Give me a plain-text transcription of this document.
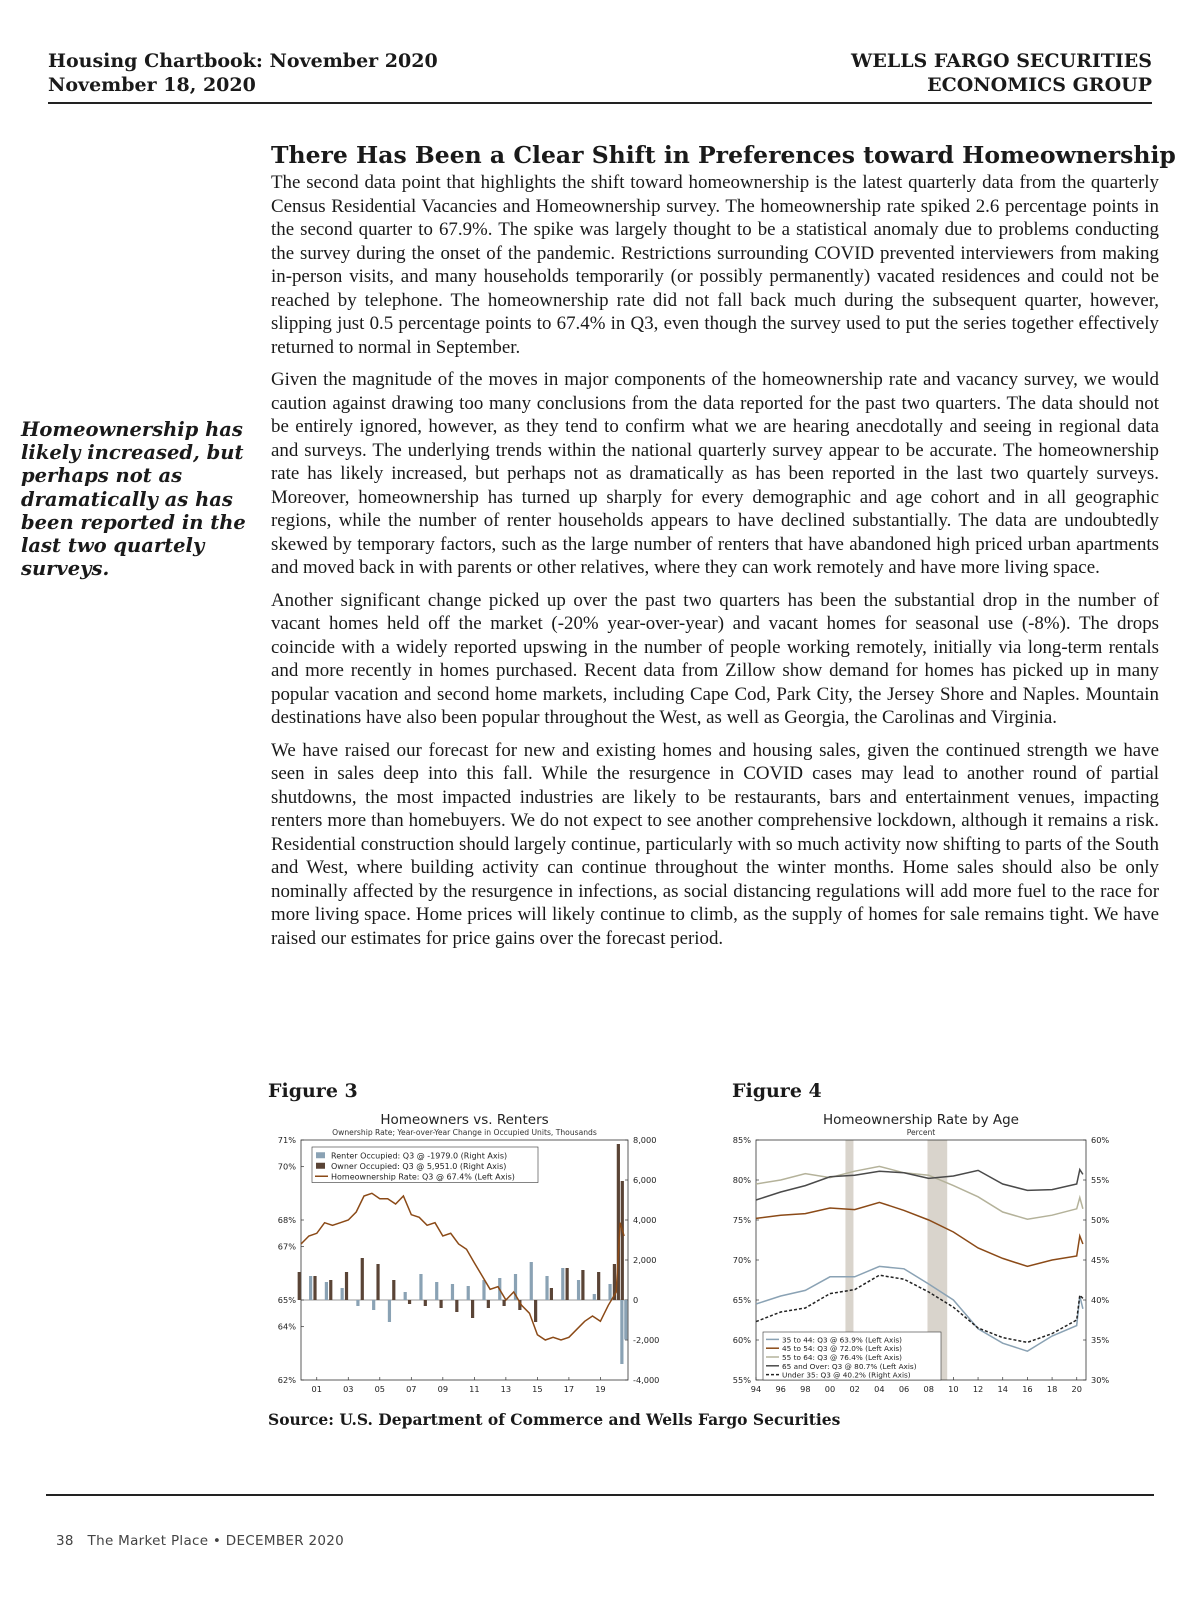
Housing Chartbook: November 2020
November 18, 2020
WELLS FARGO SECURITIES
ECONOMICS GROUP
Homeownership has likely increased, but perhaps not as dramatically as has been reported in the last two quartely surveys.
There Has Been a Clear Shift in Preferences toward Homeownership

The second data point that highlights the shift toward homeownership is the latest quarterly data from the quarterly Census Residential Vacancies and Homeownership survey. The homeownership rate spiked 2.6 percentage points in the second quarter to 67.9%. The spike was largely thought to be a statistical anomaly due to problems conducting the survey during the onset of the pandemic. Restrictions surrounding COVID prevented interviewers from making in-person visits, and many households temporarily (or possibly permanently) vacated residences and could not be reached by telephone. The homeownership rate did not fall back much during the subsequent quarter, however, slipping just 0.5 percentage points to 67.4% in Q3, even though the survey used to put the series together effectively returned to normal in September.

Given the magnitude of the moves in major components of the homeownership rate and vacancy survey, we would caution against drawing too many conclusions from the data reported for the past two quarters. The data should not be entirely ignored, however, as they tend to confirm what we are hearing anecdotally and seeing in regional data and surveys. The underlying trends within the national quarterly survey appear to be accurate. The homeownership rate has likely increased, but perhaps not as dramatically as has been reported in the last two quartely surveys. Moreover, homeownership has turned up sharply for every demographic and age cohort and in all geographic regions, while the number of renter households appears to have declined substantially. The data are undoubtedly skewed by temporary factors, such as the large number of renters that have abandoned high priced urban apartments and moved back in with parents or other relatives, where they can work remotely and have more living space.

Another significant change picked up over the past two quarters has been the substantial drop in the number of vacant homes held off the market (-20% year-over-year) and vacant homes for seasonal use (-8%). The drops coincide with a widely reported upswing in the number of people working remotely, initially via long-term rentals and more recently in homes purchased. Recent data from Zillow show demand for homes has picked up in many popular vacation and second home markets, including Cape Cod, Park City, the Jersey Shore and Naples. Mountain destinations have also been popular throughout the West, as well as Georgia, the Carolinas and Virginia.

We have raised our forecast for new and existing homes and housing sales, given the continued strength we have seen in sales deep into this fall. While the resurgence in COVID cases may lead to another round of partial shutdowns, the most impacted industries are likely to be restaurants, bars and entertainment venues, impacting renters more than homebuyers. We do not expect to see another comprehensive lockdown, although it remains a risk. Residential construction should largely continue, particularly with so much activity now shifting to parts of the South and West, where building activity can continue throughout the winter months. Home sales should also be only nominally affected by the resurgence in infections, as social distancing regulations will add more fuel to the race for more living space. Home prices will likely continue to climb, as the supply of homes for sale remains tight. We have raised our estimates for price gains over the forecast period.

Figure 3	Figure 4
Homeowners vs. Renters
Ownership Rate; Year-over-Year Change in Occupied Units, Thousands
71%
70%
68%
67%
65%
64%
62%
8,000
6,000
4,000
2,000
0
-2,000
-4,000
01	03	05	07	09	11	13	15	17	19
Renter Occupied: Q3 @ -1979.0 (Right Axis)
Owner Occupied: Q3 @ 5,951.0 (Right Axis)
Homeownership Rate: Q3 @ 67.4% (Left Axis)
Homeownership Rate by Age
Percent
85%
80%
75%
70%
65%
60%
55%
60%
55%
50%
45%
40%
35%
30%
94 96 98 00 02 04 06 08 10 12 14 16 18 20
35 to 44: Q3 @ 63.9% (Left Axis)
45 to 54: Q3 @ 72.0% (Left Axis)
55 to 64: Q3 @ 76.4% (Left Axis)
65 and Over: Q3 @ 80.7% (Left Axis)
Under 35: Q3 @ 40.2% (Right Axis)
Source: U.S. Department of Commerce and Wells Fargo Securities
38   The Market Place • DECEMBER 2020
